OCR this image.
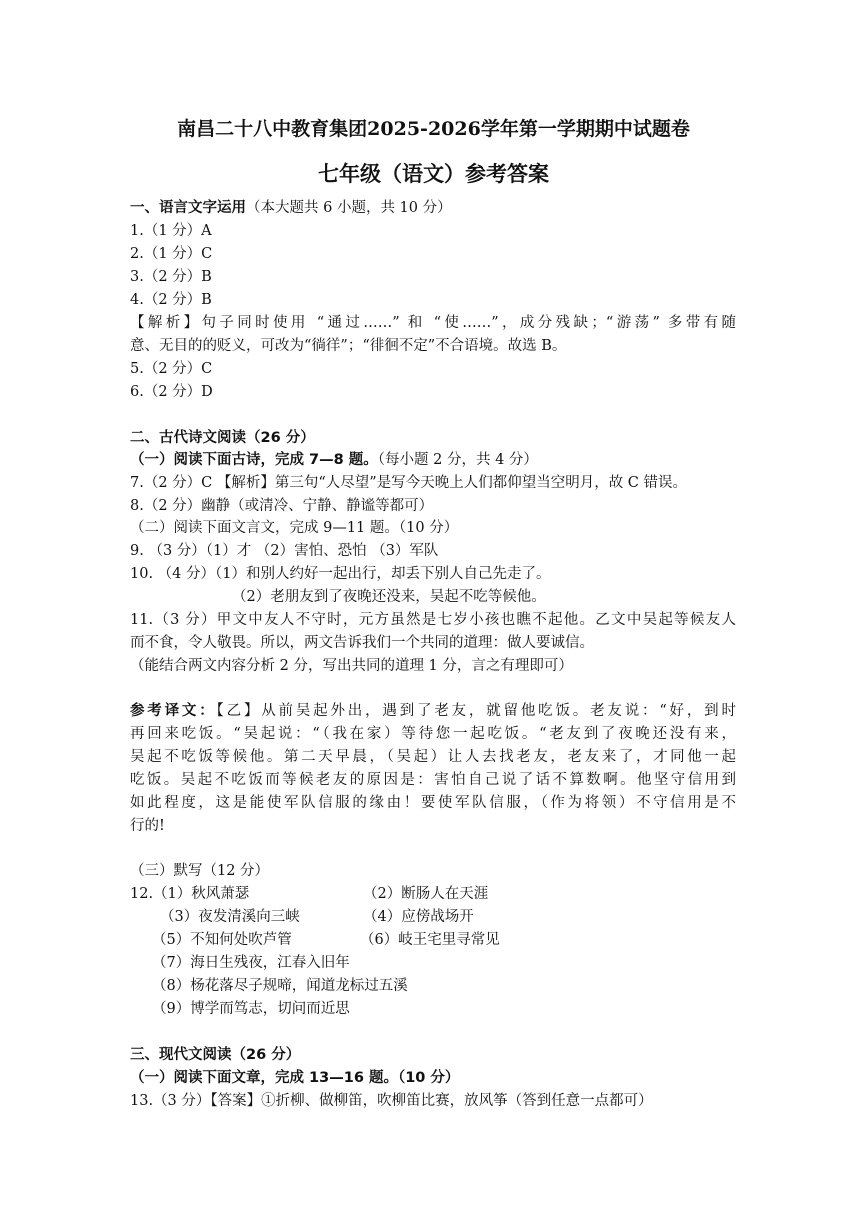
南昌二十八中教育集团2025-2026学年第一学期期中试题卷
七年级（语文）参考答案
一、语言文字运用（本大题共 6 小题，共 10 分）
1.（1 分）A
2.（1 分）C
3.（2 分）B
4.（2 分）B
【解析】句子同时使用 “通过……” 和 “使……”，成分残缺；“游荡” 多带有随
意、无目的的贬义，可改为“徜徉”；“徘徊不定”不合语境。故选 B。
5.（2 分）C
6.（2 分）D
二、古代诗文阅读（26 分）
（一）阅读下面古诗，完成 7—8 题。（每小题 2 分，共 4 分）
7.（2 分）C 【解析】第三句“人尽望”是写今天晚上人们都仰望当空明月，故 C 错误。
8.（2 分）幽静（或清冷、宁静、静谧等都可）
（二）阅读下面文言文，完成 9—11 题。（10 分）
9. （3 分）（1）才 （2）害怕、恐怕 （3）军队
10. （4 分）（1）和别人约好一起出行，却丢下别人自己先走了。
（2）老朋友到了夜晚还没来，吴起不吃等候他。
11.（3 分）甲文中友人不守时，元方虽然是七岁小孩也瞧不起他。乙文中吴起等候友人
而不食，令人敬畏。所以，两文告诉我们一个共同的道理：做人要诚信。
（能结合两文内容分析 2 分，写出共同的道理 1 分，言之有理即可）
参考译文：【乙】从前吴起外出，遇到了老友，就留他吃饭。老友说：“好，到时
再回来吃饭。“吴起说：“（我在家）等待您一起吃饭。“老友到了夜晚还没有来，
吴起不吃饭等候他。第二天早晨，（吴起）让人去找老友，老友来了，才同他一起
吃饭。吴起不吃饭而等候老友的原因是：害怕自己说了话不算数啊。他坚守信用到
如此程度，这是能使军队信服的缘由！要使军队信服，（作为将领）不守信用是不
行的!
（三）默写（12 分）
12.（1）秋风萧瑟	（2）断肠人在天涯
（3）夜发清溪向三峡	（4）应傍战场开
（5）不知何处吹芦管	（6）岐王宅里寻常见
（7）海日生残夜，江春入旧年
（8）杨花落尽子规啼，闻道龙标过五溪
（9）博学而笃志，切问而近思
三、现代文阅读（26 分）
（一）阅读下面文章，完成 13—16 题。（10 分）
13.（3 分）【答案】①折柳、做柳笛，吹柳笛比赛，放风筝（答到任意一点都可）
